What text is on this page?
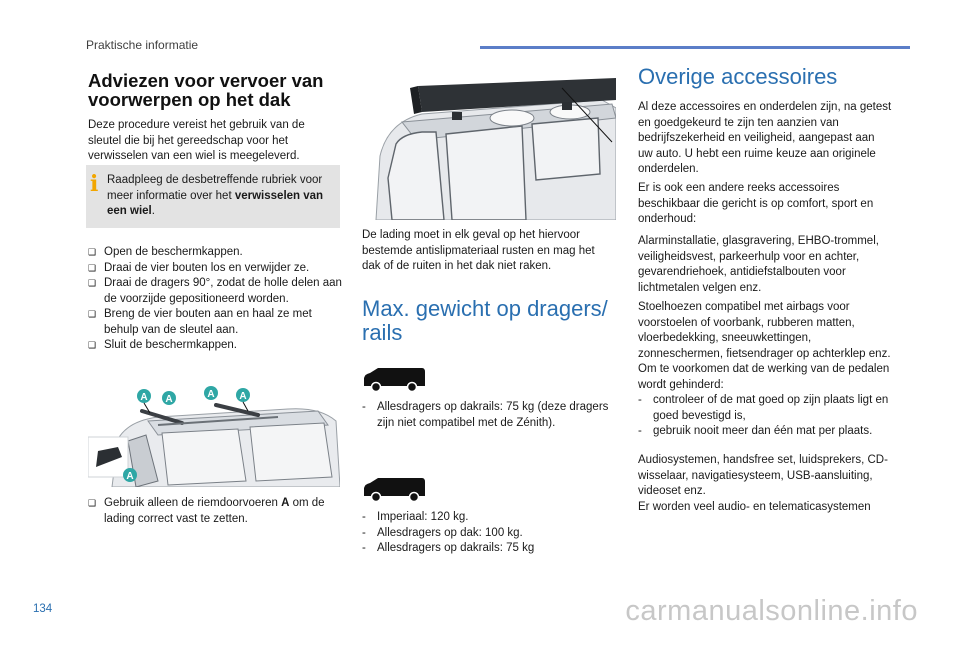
Praktische informatie
Adviezen voor vervoer van voorwerpen op het dak
Deze procedure vereist het gebruik van de sleutel die bij het gereedschap voor het verwisselen van een wiel is meegeleverd.
i Raadpleeg de desbetreffende rubriek voor meer informatie over het verwisselen van een wiel.
❑ Open de beschermkappen.
❑ Draai de vier bouten los en verwijder ze.
❑ Draai de dragers 90°, zodat de holle delen aan de voorzijde gepositioneerd worden.
❑ Breng de vier bouten aan en haal ze met behulp van de sleutel aan.
❑ Sluit de beschermkappen.
A A	A A
A
❑ Gebruik alleen de riemdoorvoeren A om de lading correct vast te zetten.
De lading moet in elk geval op het hiervoor bestemde antislipmateriaal rusten en mag het dak of de ruiten in het dak niet raken.
Max. gewicht op dragers/ rails
- Allesdragers op dakrails: 75 kg (deze dragers zijn niet compatibel met de Zénith).
- Imperiaal: 120 kg.
- Allesdragers op dak: 100 kg.
- Allesdragers op dakrails: 75 kg
Overige accessoires
Al deze accessoires en onderdelen zijn, na getest en goedgekeurd te zijn ten aanzien van bedrijfszekerheid en veiligheid, aangepast aan uw auto. U hebt een ruime keuze aan originele onderdelen.
Er is ook een andere reeks accessoires beschikbaar die gericht is op comfort, sport en onderhoud:
Alarminstallatie, glasgravering, EHBO-trommel, veiligheidsvest, parkeerhulp voor en achter, gevarendriehoek, antidiefstalbouten voor lichtmetalen velgen enz.

Stoelhoezen compatibel met airbags voor voorstoelen of voorbank, rubberen matten, vloerbedekking, sneeuwkettingen, zonneschermen, fietsendrager op achterklep enz.

Om te voorkomen dat de werking van de pedalen wordt gehinderd:

- controleer of de mat goed op zijn plaats ligt en goed bevestigd is,
- gebruik nooit meer dan één mat per plaats.

Audiosystemen, handsfree set, luidsprekers, CD-wisselaar, navigatiesysteem, USB-aansluiting, videoset enz.

Er worden veel audio- en telematicasystemen

134	carmanualsonline.info
